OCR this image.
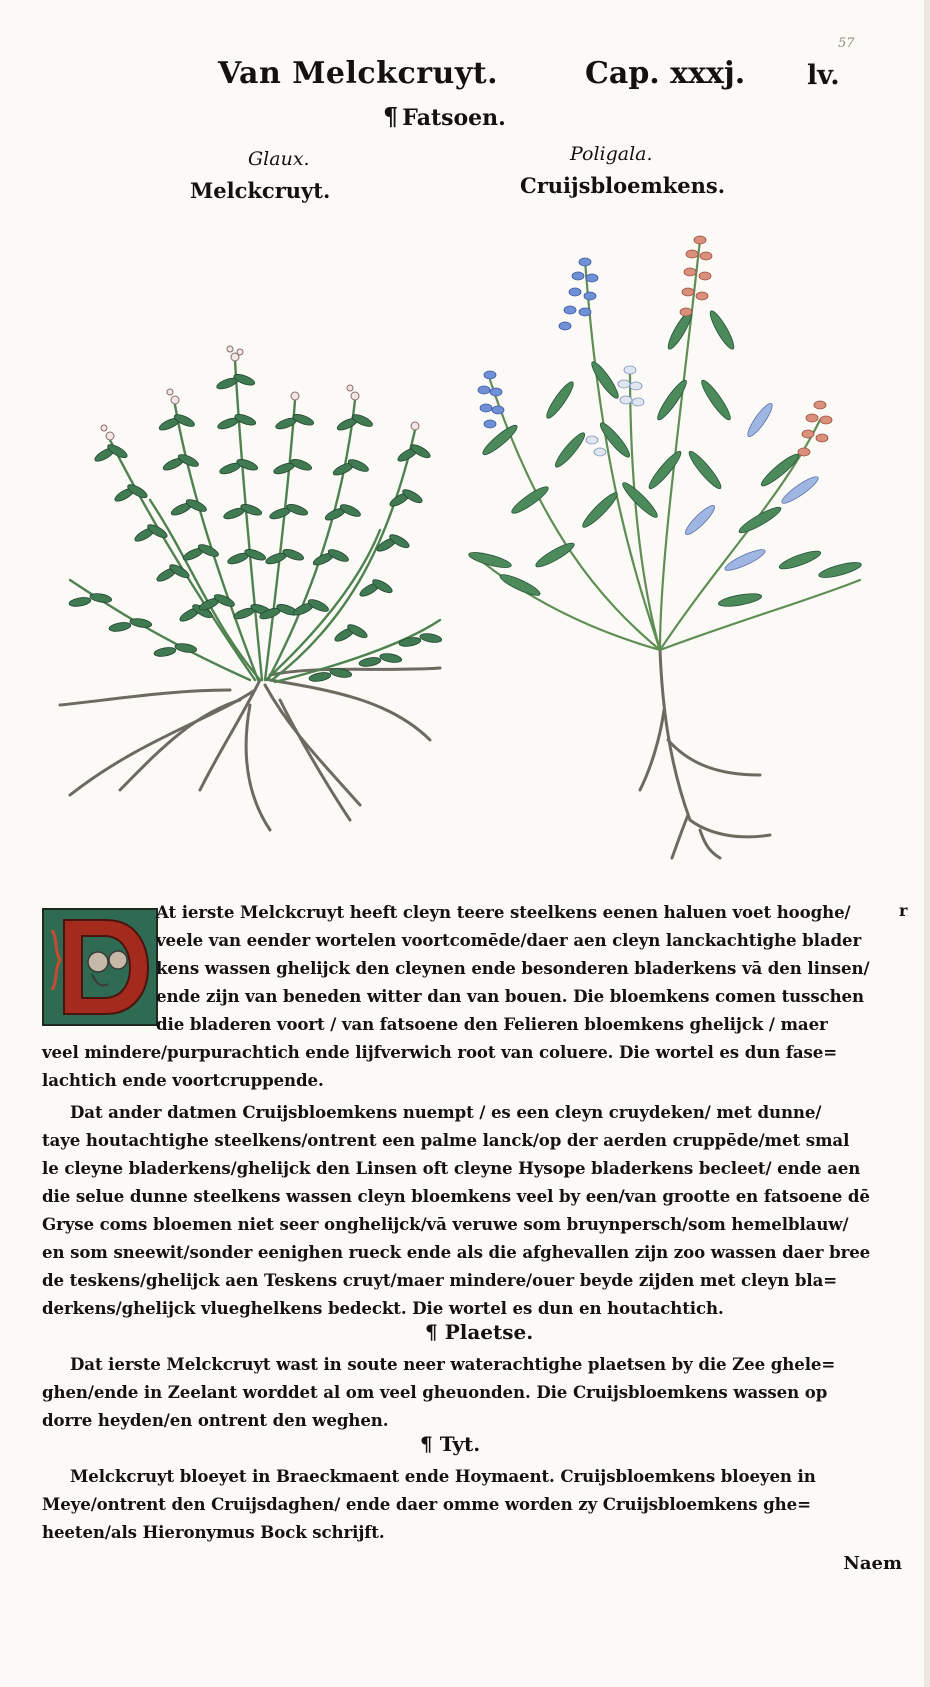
57
Van Melckcruyt.	Cap. xxxj. lv.
¶ Fatsoen.
Glaux.
Melckcruyt.
Poligala.
Cruijsbloemkens.
D
r
At ierste Melckcruyt heeft cleyn teere steelkens eenen haluen voet hooghe/
veele van eender wortelen voortcomēde/daer aen cleyn lanckachtighe blader
kens wassen ghelijck den cleynen ende besonderen bladerkens vā den linsen/
ende zijn van beneden witter dan van bouen. Die bloemkens comen tusschen
die bladeren voort / van fatsoene den Felieren bloemkens ghelijck / maer
veel mindere/purpurachtich ende lijfverwich root van coluere. Die wortel es dun fase=
lachtich ende voortcruppende.
Dat ander datmen Cruijsbloemkens nuempt / es een cleyn cruydeken/ met dunne/
taye houtachtighe steelkens/ontrent een palme lanck/op der aerden cruppēde/met smal
le cleyne bladerkens/ghelijck den Linsen oft cleyne Hysope bladerkens becleet/ ende aen
die selue dunne steelkens wassen cleyn bloemkens veel by een/van grootte en fatsoene dē
Gryse coms bloemen niet seer onghelijck/vā veruwe som bruynpersch/som hemelblauw/
en som sneewit/sonder eenighen rueck ende als die afghevallen zijn zoo wassen daer bree
de teskens/ghelijck aen Teskens cruyt/maer mindere/ouer beyde zijden met cleyn bla=
derkens/ghelijck vlueghelkens bedeckt. Die wortel es dun en houtachtich.
¶ Plaetse.
Dat ierste Melckcruyt wast in soute neer waterachtighe plaetsen by die Zee ghele=
ghen/ende in Zeelant worddet al om veel gheuonden. Die Cruijsbloemkens wassen op
dorre heyden/en ontrent den weghen.
¶ Tyt.
Melckcruyt bloeyet in Braeckmaent ende Hoymaent. Cruijsbloemkens bloeyen in
Meye/ontrent den Cruijsdaghen/ ende daer omme worden zy Cruijsbloemkens ghe=
heeten/als Hieronymus Bock schrijft.
Naem
